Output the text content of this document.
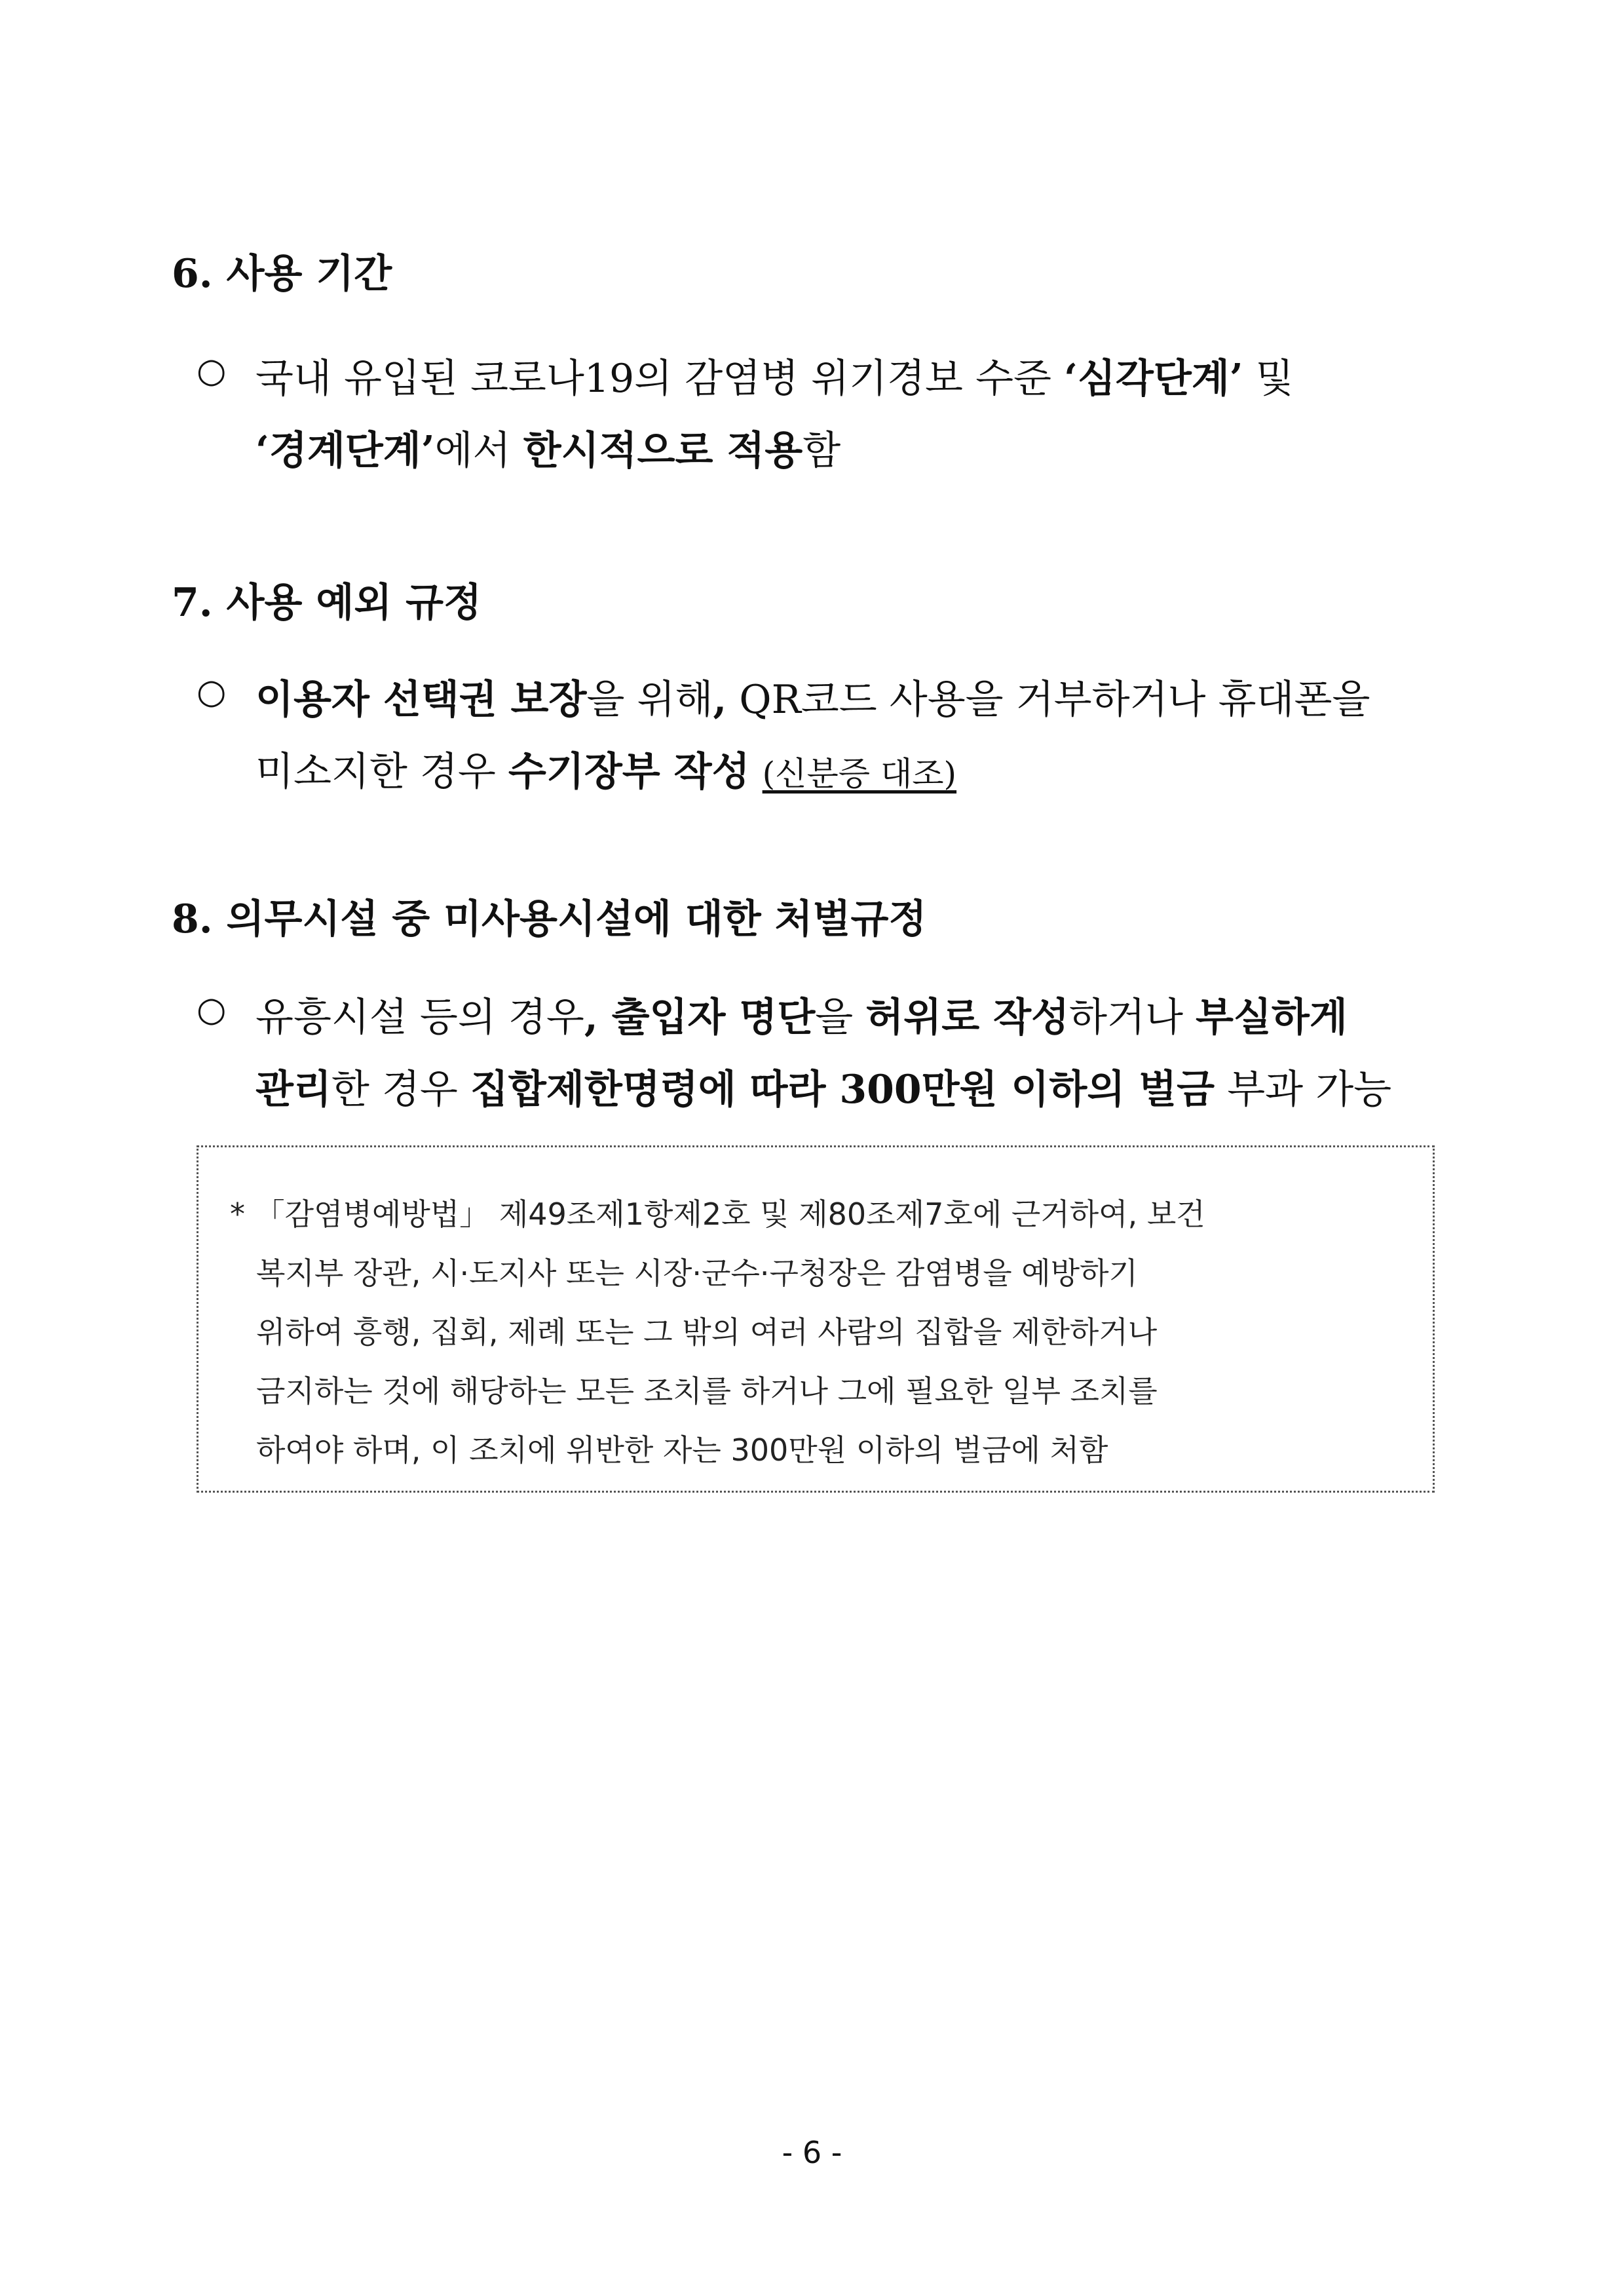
6. 사용 기간
○ 국내 유입된 코로나19의 감염병 위기경보 수준 ‘심각단계’ 및
‘경계단계’에서 한시적으로 적용함
7. 사용 예외 규정
○ 이용자 선택권 보장을 위해, QR코드 사용을 거부하거나 휴대폰을
미소지한 경우 수기장부 작성 (신분증 대조)
8. 의무시설 중 미사용시설에 대한 처벌규정
○ 유흥시설 등의 경우, 출입자 명단을 허위로 작성하거나 부실하게
관리한 경우 집합제한명령에 따라 300만원 이하의 벌금 부과 가능
* 「감염병예방법」 제49조제1항제2호 및 제80조제7호에 근거하여, 보건
복지부 장관, 시·도지사 또는 시장·군수·구청장은 감염병을 예방하기
위하여 흥행, 집회, 제례 또는 그 밖의 여러 사람의 집합을 제한하거나
금지하는 것에 해당하는 모든 조치를 하거나 그에 필요한 일부 조치를
하여야 하며, 이 조치에 위반한 자는 300만원 이하의 벌금에 처함
- 6 -
